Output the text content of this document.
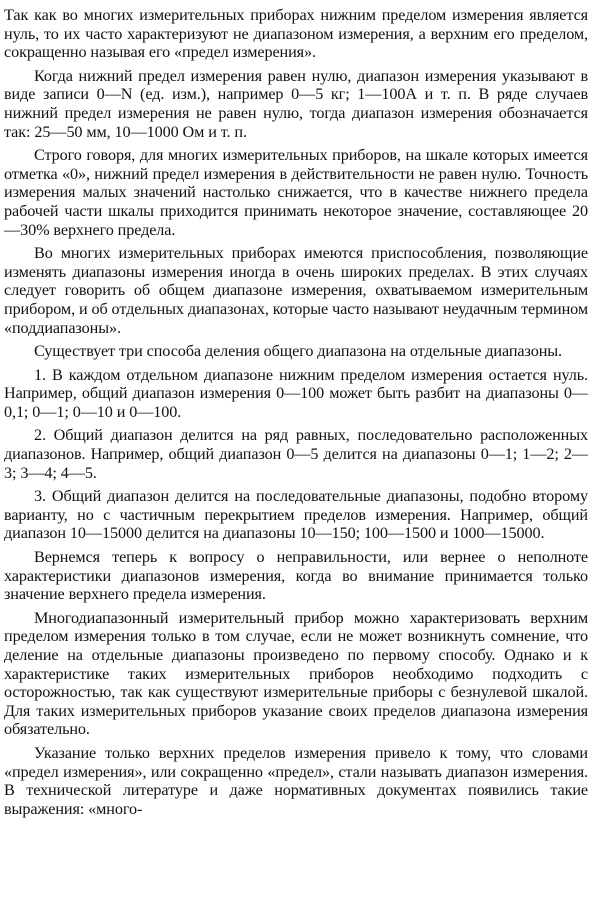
Так как во многих измерительных приборах нижним пределом измерения является нуль, то их часто характеризуют не диапазоном измерения, а верхним его пределом, сокращенно называя его «предел измерения».

Когда нижний предел измерения равен нулю, диапазон измерения указывают в виде записи 0—N (ед. изм.), например 0—5 кг; 1—100А и т. п. В ряде случаев нижний предел измерения не равен нулю, тогда диапазон измерения обозначается так: 25—50 мм, 10—1000 Ом и т. п.

Строго говоря, для многих измерительных приборов, на шкале которых имеется отметка «0», нижний предел измерения в действительности не равен нулю. Точность измерения малых значений настолько снижается, что в качестве нижнего предела рабочей части шкалы приходится принимать некоторое значение, составляющее 20—30% верхнего предела.

Во многих измерительных приборах имеются приспособления, позволяющие изменять диапазоны измерения иногда в очень широких пределах. В этих случаях следует говорить об общем диапазоне измерения, охватываемом измерительным прибором, и об отдельных диапазонах, которые часто называют неудачным термином «поддиапазоны».

Существует три способа деления общего диапазона на отдельные диапазоны.

1. В каждом отдельном диапазоне нижним пределом измерения остается нуль. Например, общий диапазон измерения 0—100 может быть разбит на диапазоны 0—0,1; 0—1; 0—10 и 0—100.

2. Общий диапазон делится на ряд равных, последовательно расположенных диапазонов. Например, общий диапазон 0—5 делится на диапазоны 0—1; 1—2; 2—3; 3—4; 4—5.

3. Общий диапазон делится на последовательные диапазоны, подобно второму варианту, но с частичным перекрытием пределов измерения. Например, общий диапазон 10—15000 делится на диапазоны 10—150; 100—1500 и 1000—15000.

Вернемся теперь к вопросу о неправильности, или вернее о неполноте характеристики диапазонов измерения, когда во внимание принимается только значение верхнего предела измерения.

Многодиапазонный измерительный прибор можно характеризовать верхним пределом измерения только в том случае, если не может возникнуть сомнение, что деление на отдельные диапазоны произведено по первому способу. Однако и к характеристике таких измерительных приборов необходимо подходить с осторожностью, так как существуют измерительные приборы с безнулевой шкалой. Для таких измерительных приборов указание своих пределов диапазона измерения обязательно.

Указание только верхних пределов измерения привело к тому, что словами «предел измерения», или сокращенно «предел», стали называть диапазон измерения. В технической литературе и даже нормативных документах появились такие выражения: «много-
